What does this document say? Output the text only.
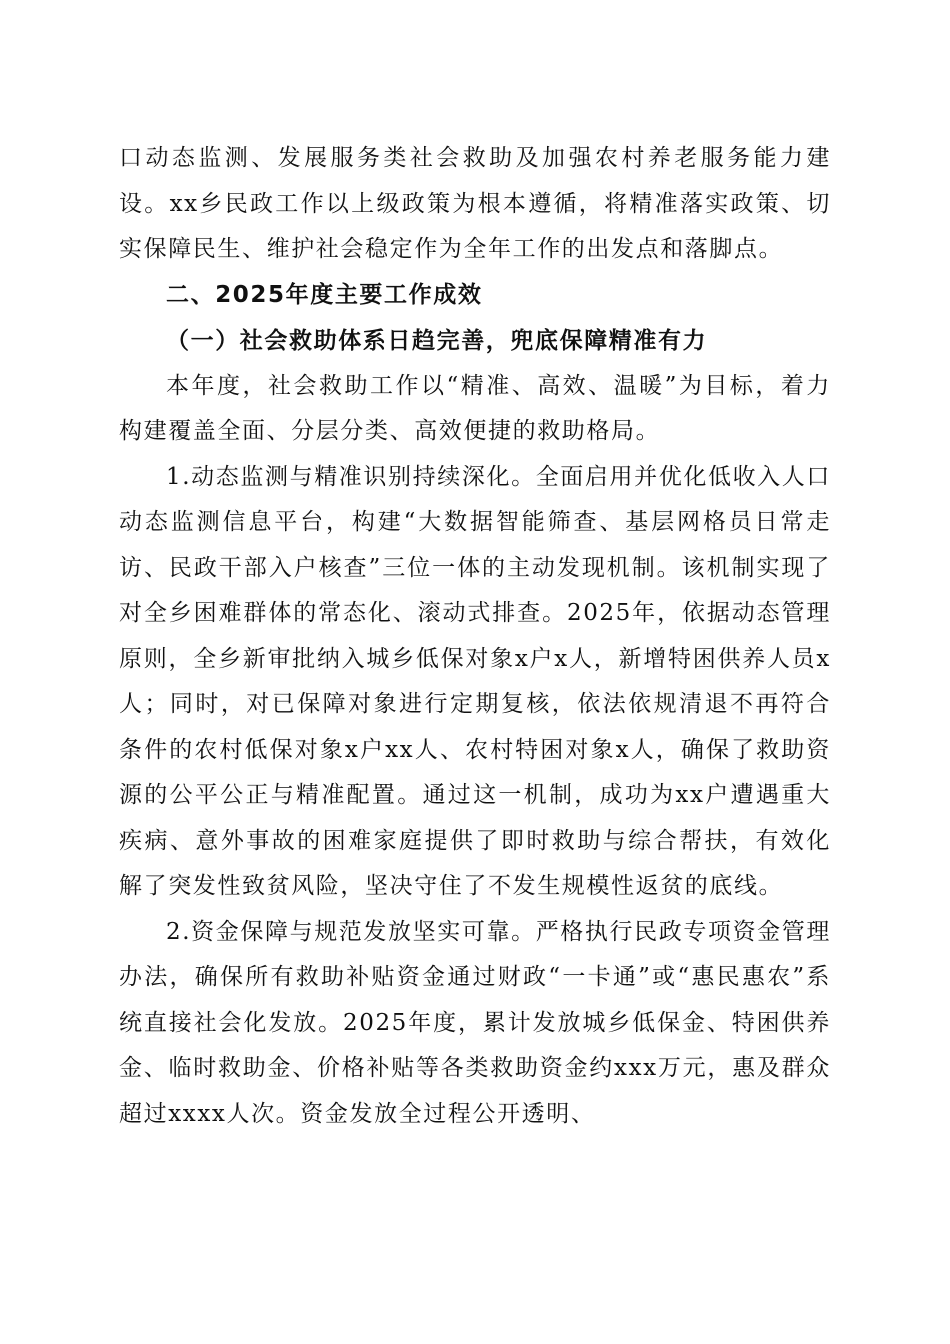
口动态监测、发展服务类社会救助及加强农村养老服务能力建设。xx乡民政工作以上级政策为根本遵循，将精准落实政策、切实保障民生、维护社会稳定作为全年工作的出发点和落脚点。

二、2025年度主要工作成效

（一）社会救助体系日趋完善，兜底保障精准有力

本年度，社会救助工作以“精准、高效、温暖”为目标，着力构建覆盖全面、分层分类、高效便捷的救助格局。

1.动态监测与精准识别持续深化。全面启用并优化低收入人口动态监测信息平台，构建“大数据智能筛查、基层网格员日常走访、民政干部入户核查”三位一体的主动发现机制。该机制实现了对全乡困难群体的常态化、滚动式排查。2025年，依据动态管理原则，全乡新审批纳入城乡低保对象x户x人，新增特困供养人员x人；同时，对已保障对象进行定期复核，依法依规清退不再符合条件的农村低保对象x户xx人、农村特困对象x人，确保了救助资源的公平公正与精准配置。通过这一机制，成功为xx户遭遇重大疾病、意外事故的困难家庭提供了即时救助与综合帮扶，有效化解了突发性致贫风险，坚决守住了不发生规模性返贫的底线。

2.资金保障与规范发放坚实可靠。严格执行民政专项资金管理办法，确保所有救助补贴资金通过财政“一卡通”或“惠民惠农”系统直接社会化发放。2025年度，累计发放城乡低保金、特困供养金、临时救助金、价格补贴等各类救助资金约xxx万元，惠及群众超过xxxx人次。资金发放全过程公开透明、
